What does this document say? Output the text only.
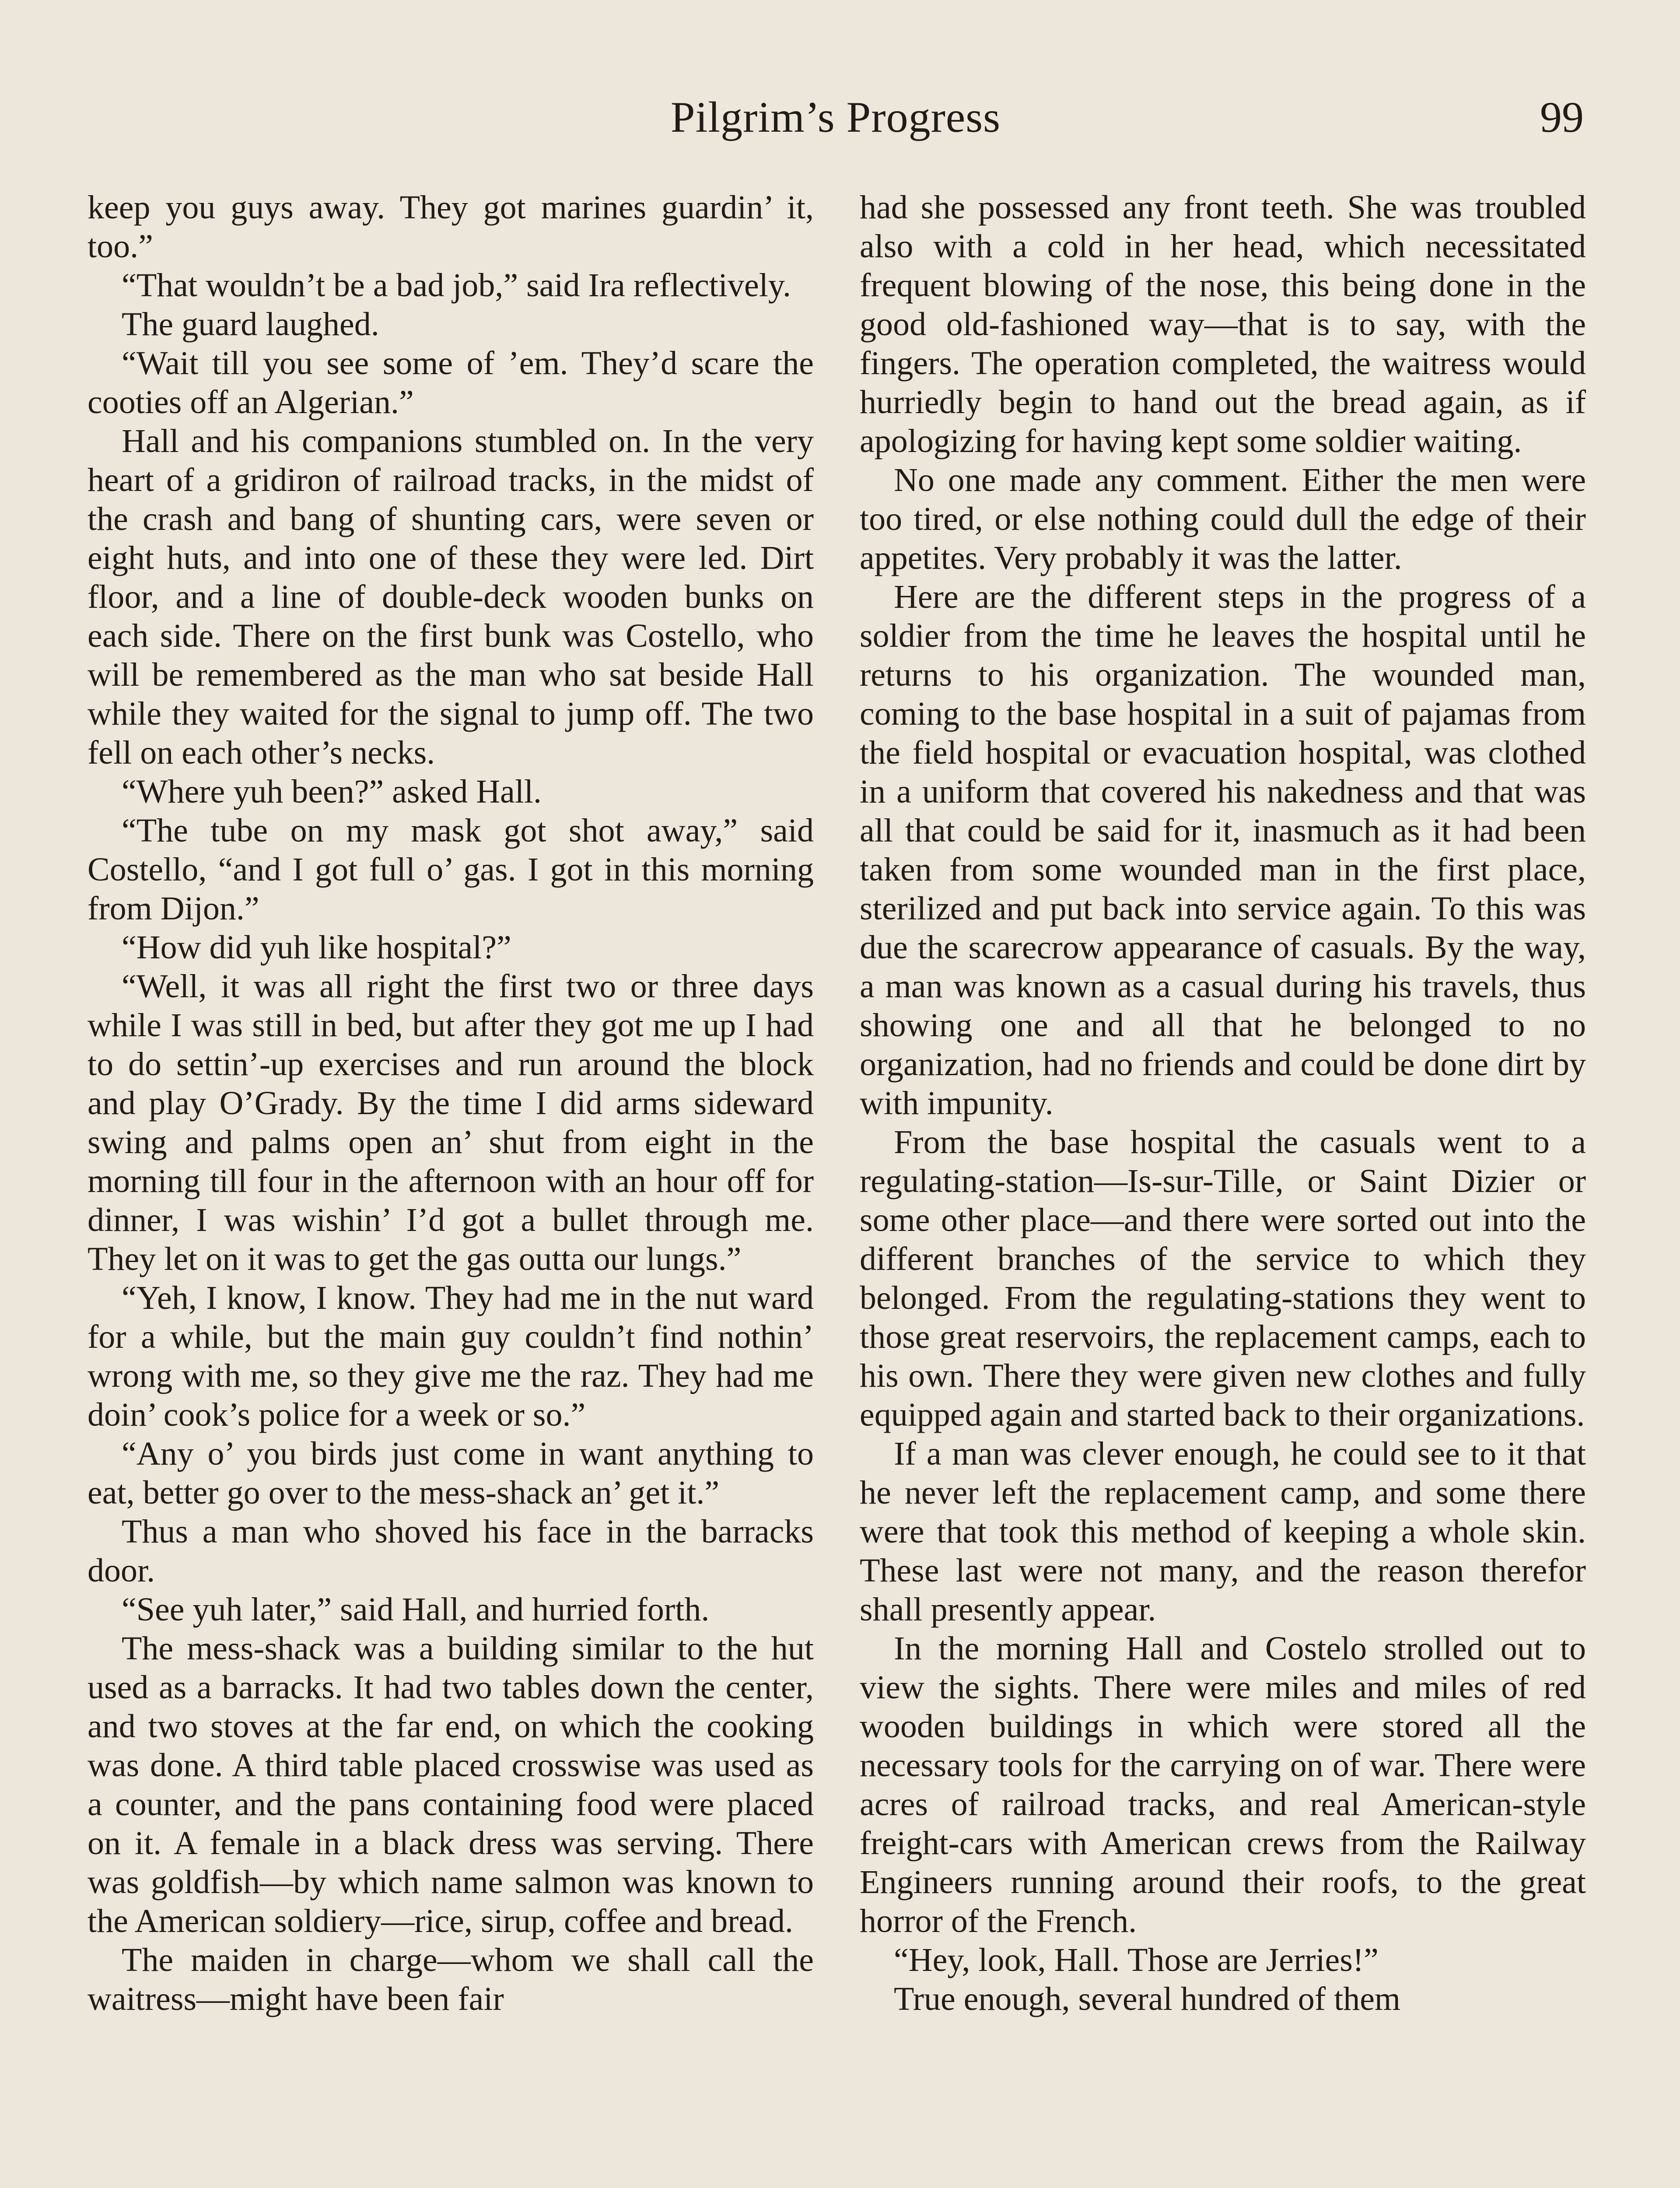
Pilgrim’s Progress	99

keep you guys away. They got marines guardin’ it, too.”

“That wouldn’t be a bad job,” said Ira reflectively.

The guard laughed.

“Wait till you see some of ’em. They’d scare the cooties off an Algerian.”

Hall and his companions stumbled on. In the very heart of a gridiron of railroad tracks, in the midst of the crash and bang of shunting cars, were seven or eight huts, and into one of these they were led. Dirt floor, and a line of double-deck wooden bunks on each side. There on the first bunk was Costello, who will be remembered as the man who sat beside Hall while they waited for the signal to jump off. The two fell on each other’s necks.

“Where yuh been?” asked Hall.

“The tube on my mask got shot away,” said Costello, “and I got full o’ gas. I got in this morning from Dijon.”

“How did yuh like hospital?”

“Well, it was all right the first two or three days while I was still in bed, but after they got me up I had to do settin’-up exercises and run around the block and play O’Grady. By the time I did arms sideward swing and palms open an’ shut from eight in the morning till four in the afternoon with an hour off for dinner, I was wishin’ I’d got a bullet through me. They let on it was to get the gas outta our lungs.”

“Yeh, I know, I know. They had me in the nut ward for a while, but the main guy couldn’t find nothin’ wrong with me, so they give me the raz. They had me doin’ cook’s police for a week or so.”

“Any o’ you birds just come in want anything to eat, better go over to the mess-shack an’ get it.”

Thus a man who shoved his face in the barracks door.

“See yuh later,” said Hall, and hurried forth.

The mess-shack was a building similar to the hut used as a barracks. It had two tables down the center, and two stoves at the far end, on which the cooking was done. A third table placed crosswise was used as a counter, and the pans containing food were placed on it. A female in a black dress was serving. There was goldfish—by which name salmon was known to the American soldiery—rice, sirup, coffee and bread.

The maiden in charge—whom we shall call the waitress—might have been fair

had she possessed any front teeth. She was troubled also with a cold in her head, which necessitated frequent blowing of the nose, this being done in the good old-fashioned way—that is to say, with the fingers. The operation completed, the waitress would hurriedly begin to hand out the bread again, as if apologizing for having kept some soldier waiting.

No one made any comment. Either the men were too tired, or else nothing could dull the edge of their appetites. Very probably it was the latter.

Here are the different steps in the progress of a soldier from the time he leaves the hospital until he returns to his organization. The wounded man, coming to the base hospital in a suit of pajamas from the field hospital or evacuation hospital, was clothed in a uniform that covered his nakedness and that was all that could be said for it, inasmuch as it had been taken from some wounded man in the first place, sterilized and put back into service again. To this was due the scarecrow appearance of casuals. By the way, a man was known as a casual during his travels, thus showing one and all that he belonged to no organization, had no friends and could be done dirt by with impunity.

From the base hospital the casuals went to a regulating-station—Is-sur-Tille, or Saint Dizier or some other place—and there were sorted out into the different branches of the service to which they belonged. From the regulating-stations they went to those great reservoirs, the replacement camps, each to his own. There they were given new clothes and fully equipped again and started back to their organizations.

If a man was clever enough, he could see to it that he never left the replacement camp, and some there were that took this method of keeping a whole skin. These last were not many, and the reason therefor shall presently appear.

In the morning Hall and Costelo strolled out to view the sights. There were miles and miles of red wooden buildings in which were stored all the necessary tools for the carrying on of war. There were acres of railroad tracks, and real American-style freight-cars with American crews from the Railway Engineers running around their roofs, to the great horror of the French.

“Hey, look, Hall. Those are Jerries!”

True enough, several hundred of them
